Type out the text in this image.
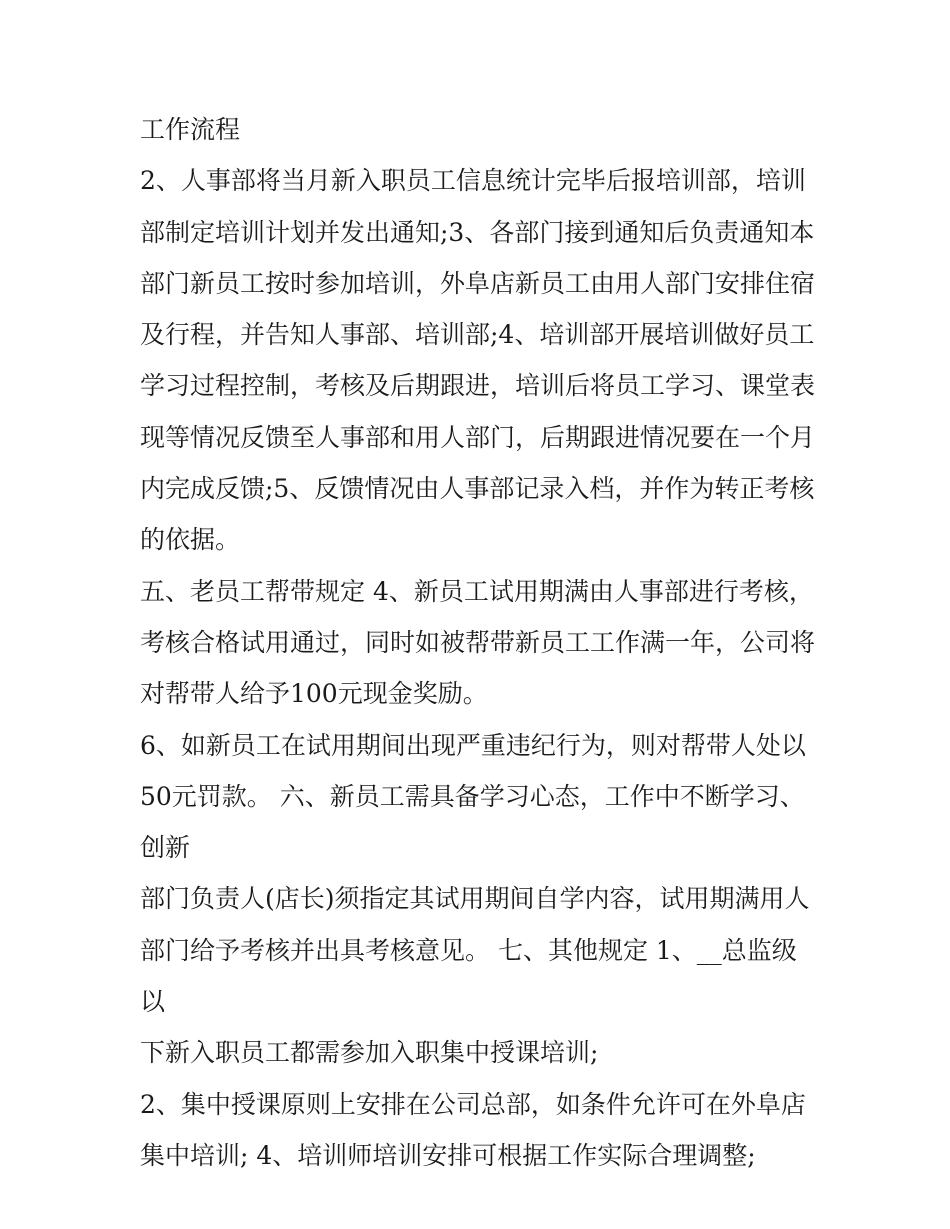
工作流程
2、人事部将当月新入职员工信息统计完毕后报培训部，培训
部制定培训计划并发出通知;3、各部门接到通知后负责通知本
部门新员工按时参加培训，外阜店新员工由用人部门安排住宿
及行程，并告知人事部、培训部;4、培训部开展培训做好员工
学习过程控制，考核及后期跟进，培训后将员工学习、课堂表
现等情况反馈至人事部和用人部门，后期跟进情况要在一个月
内完成反馈;5、反馈情况由人事部记录入档，并作为转正考核
的依据。
五、老员工帮带规定 4、新员工试用期满由人事部进行考核，
考核合格试用通过，同时如被帮带新员工工作满一年，公司将
对帮带人给予100元现金奖励。
6、如新员工在试用期间出现严重违纪行为，则对帮带人处以
50元罚款。 六、新员工需具备学习心态，工作中不断学习、
创新
部门负责人(店长)须指定其试用期间自学内容，试用期满用人
部门给予考核并出具考核意见。 七、其他规定 1、__总监级以
下新入职员工都需参加入职集中授课培训;
2、集中授课原则上安排在公司总部，如条件允许可在外阜店
集中培训; 4、培训师培训安排可根据工作实际合理调整;
